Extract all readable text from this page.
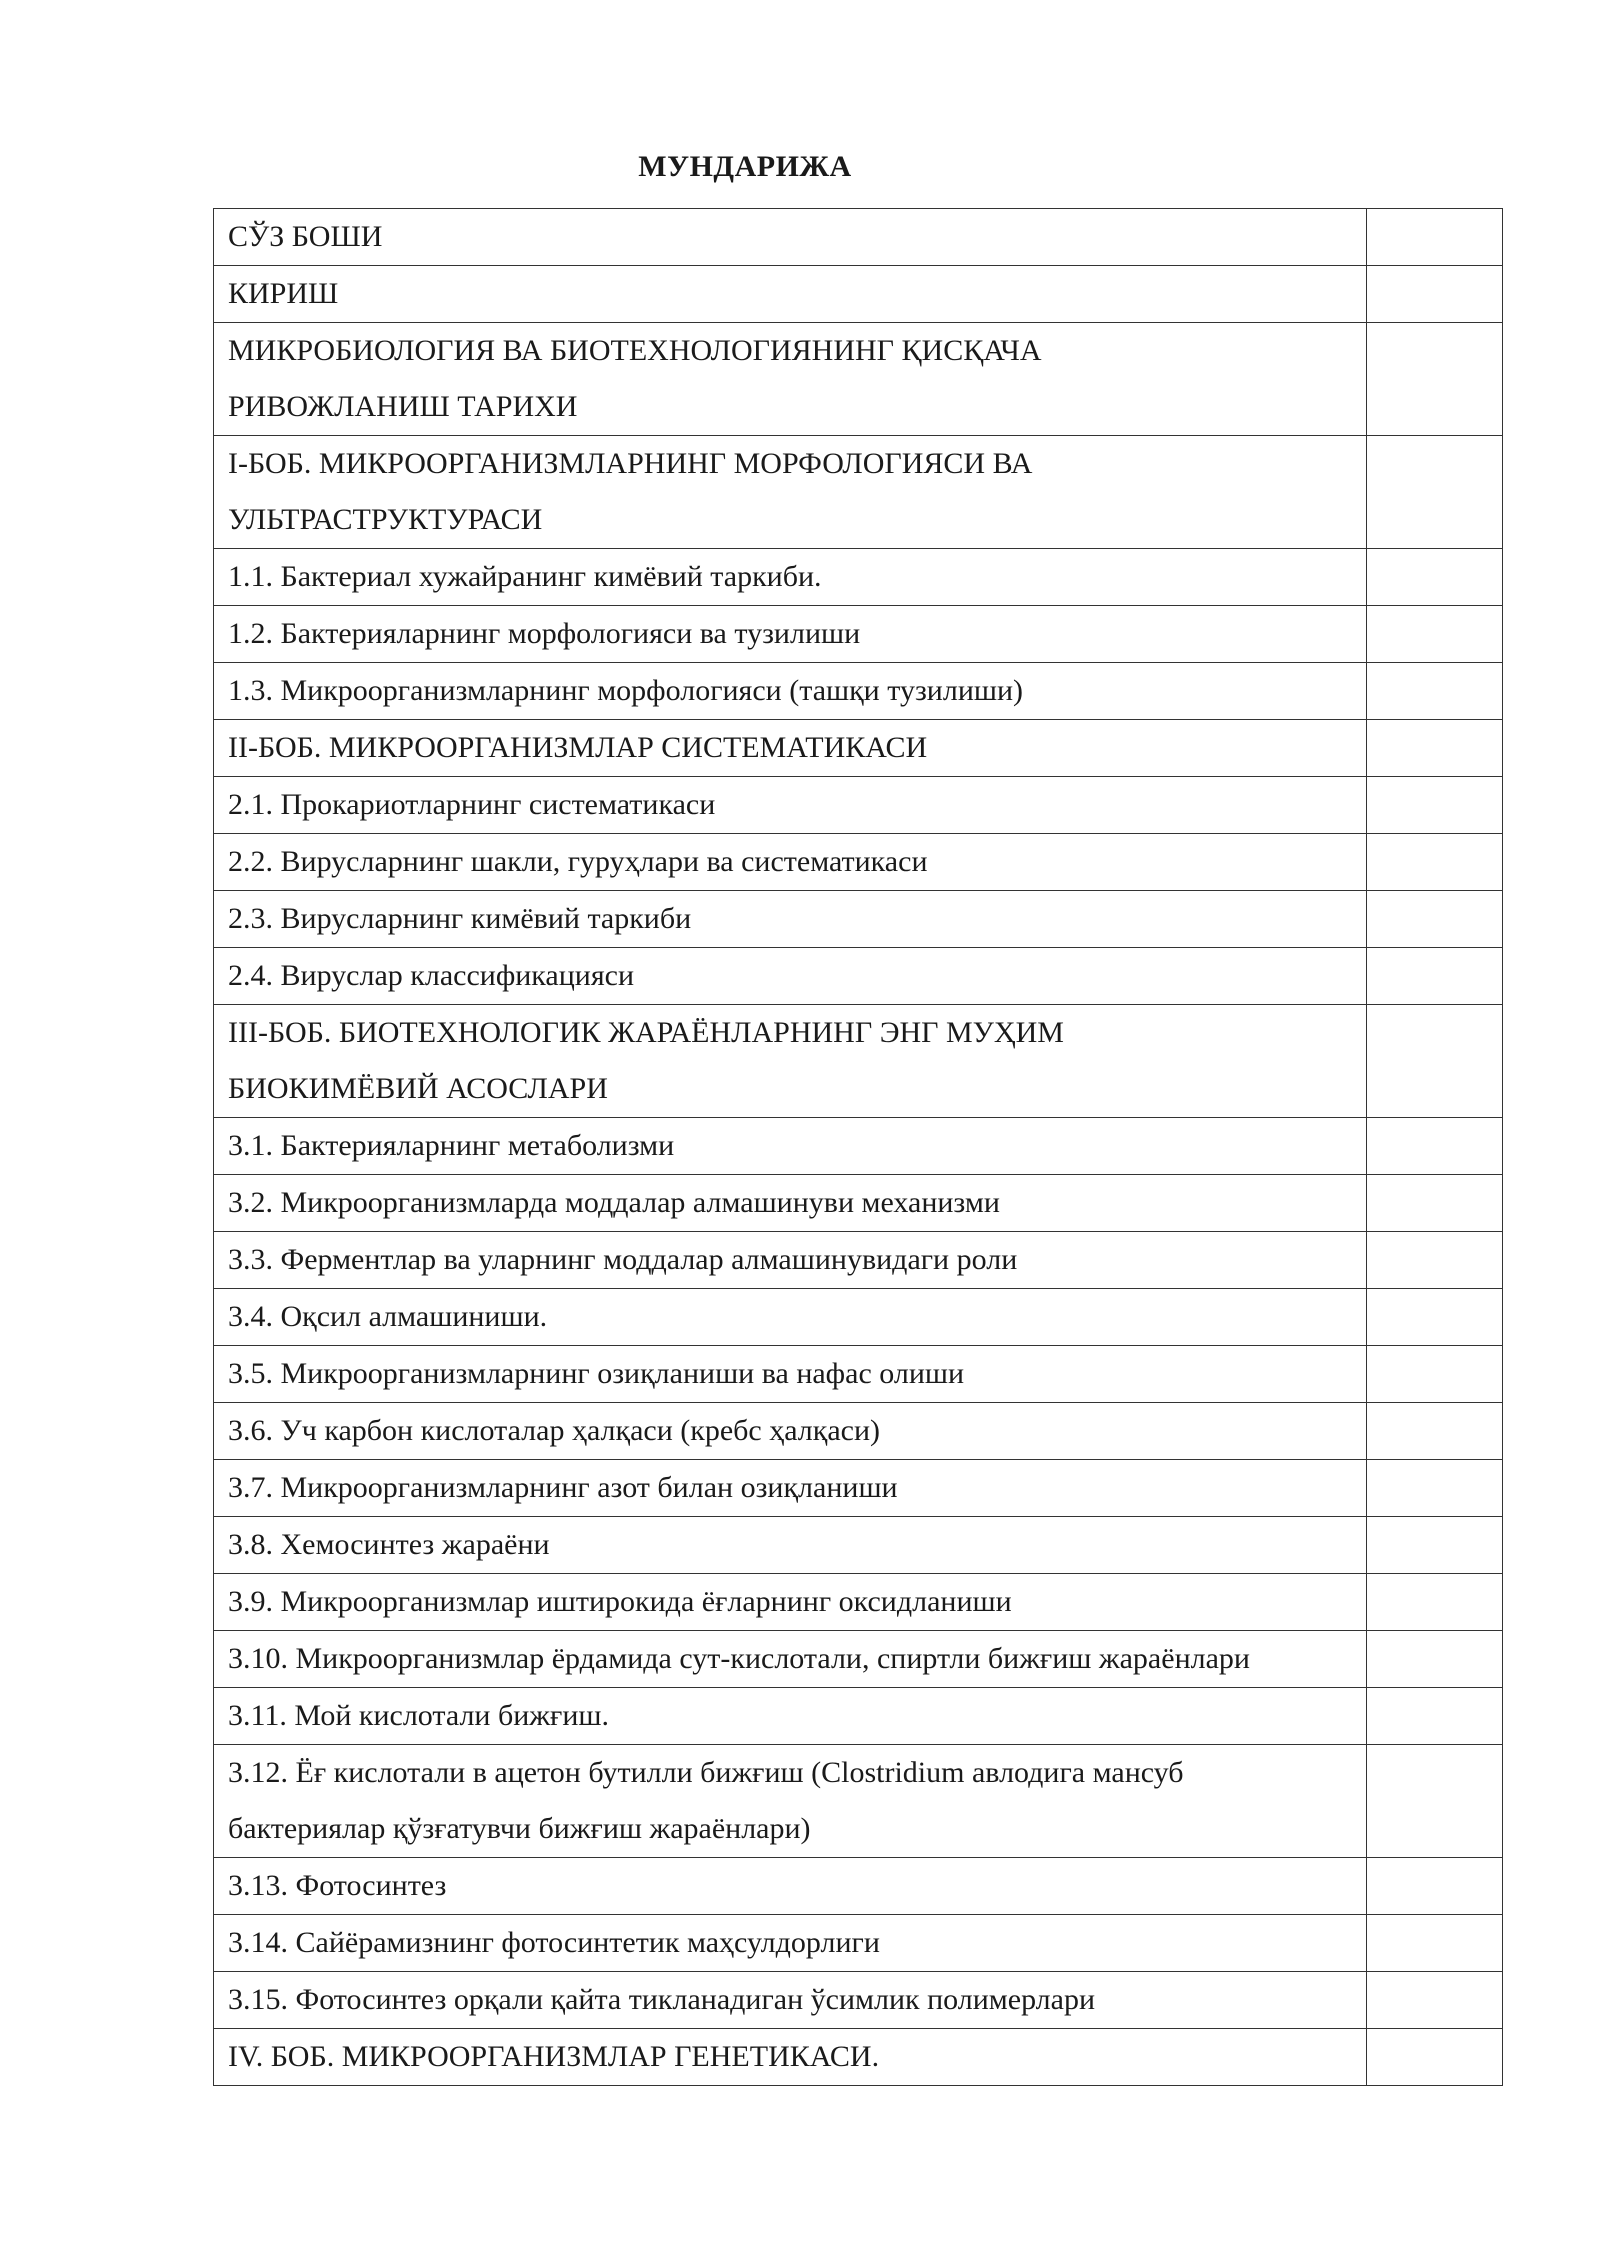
МУНДАРИЖА
СЎЗ БОШИ	

КИРИШ	

МИКРОБИОЛОГИЯ ВА БИОТЕХНОЛОГИЯНИНГ ҚИСҚАЧА
РИВОЖЛАНИШ ТАРИХИ	

I-БОБ. МИКРООРГАНИЗМЛАРНИНГ МОРФОЛОГИЯСИ ВА
УЛЬТРАСТРУКТУРАСИ	

1.1. Бактериал хужайранинг кимёвий таркиби.	

1.2. Бактерияларнинг морфологияси ва тузилиши	

1.3. Микроорганизмларнинг морфологияси (ташқи тузилиши)	

II-БОБ. МИКРООРГАНИЗМЛАР СИСТЕМАТИКАСИ	

2.1. Прокариотларнинг систематикаси	

2.2. Вирусларнинг шакли, гуруҳлари ва систематикаси	

2.3. Вирусларнинг кимёвий таркиби	

2.4. Вируслар классификацияси	

III-БОБ. БИОТЕХНОЛОГИК ЖАРАЁНЛАРНИНГ ЭНГ МУҲИМ
БИОКИМЁВИЙ АСОСЛАРИ	

3.1. Бактерияларнинг метаболизми	

3.2. Микроорганизмларда моддалар алмашинуви механизми	

3.3. Ферментлар ва уларнинг моддалар алмашинувидаги роли	

3.4. Оқсил алмашиниши.	

3.5. Микроорганизмларнинг озиқланиши ва нафас олиши	

3.6. Уч карбон кислоталар ҳалқаси (кребс ҳалқаси)	

3.7. Микроорганизмларнинг азот билан озиқланиши	

3.8. Хемосинтез жараёни	

3.9. Микроорганизмлар иштирокида ёғларнинг оксидланиши	

3.10. Микроорганизмлар ёрдамида сут-кислотали, спиртли бижғиш жараёнлари	

3.11. Мой кислотали бижғиш.	

3.12. Ёғ кислотали в ацетон бутилли бижғиш (Clostridium авлодига мансуб
бактериялар қўзғатувчи бижғиш жараёнлари)	

3.13. Фотосинтез	

3.14. Сайёрамизнинг фотосинтетик маҳсулдорлиги	

3.15. Фотосинтез орқали қайта тикланадиган ўсимлик полимерлари	

IV. БОБ. МИКРООРГАНИЗМЛАР ГЕНЕТИКАСИ.	
